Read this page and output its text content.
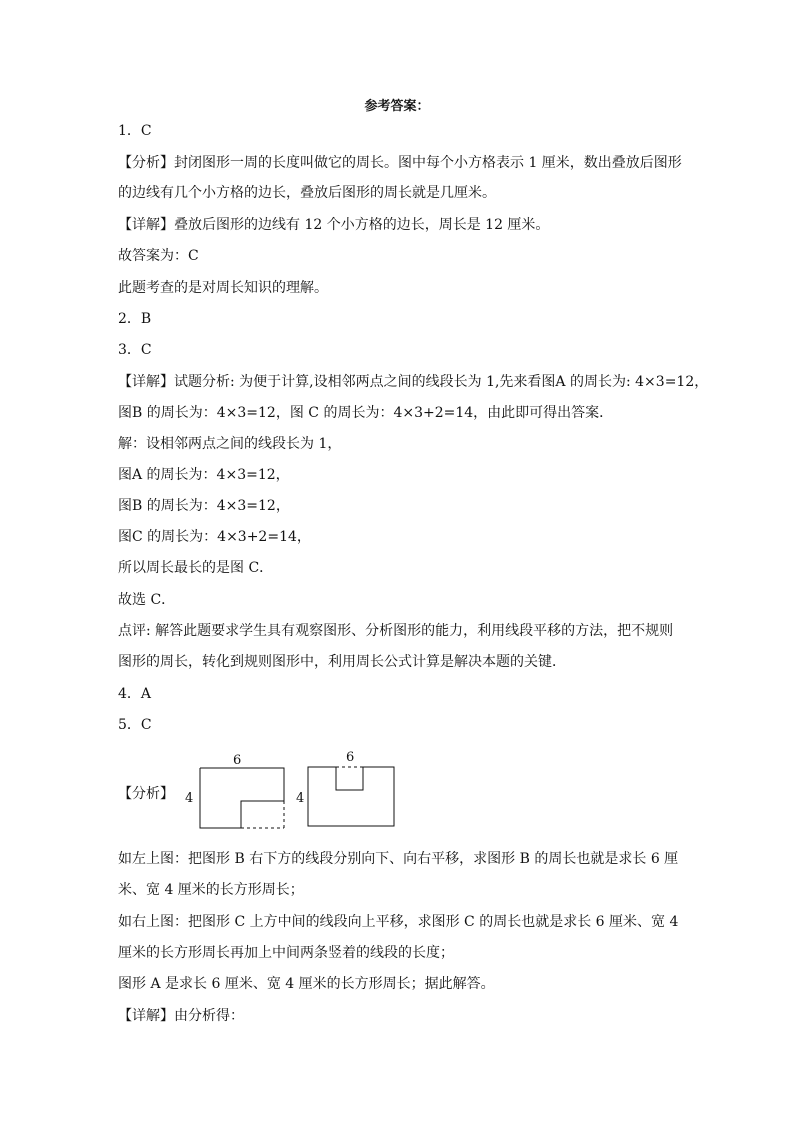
参考答案：
1．C
【分析】封闭图形一周的长度叫做它的周长。图中每个小方格表示 1 厘米，数出叠放后图形
的边线有几个小方格的边长，叠放后图形的周长就是几厘米。
【详解】叠放后图形的边线有 12 个小方格的边长，周长是 12 厘米。
故答案为：C
此题考查的是对周长知识的理解。
2．B
3．C
【详解】试题分析: 为便于计算,设相邻两点之间的线段长为 1,先来看图A 的周长为: 4×3=12，
图B 的周长为：4×3=12，图 C 的周长为：4×3+2=14，由此即可得出答案．
解：设相邻两点之间的线段长为 1，
图A 的周长为：4×3=12，
图B 的周长为：4×3=12，
图C 的周长为：4×3+2=14，
所以周长最长的是图 C．
故选 C．
点评: 解答此题要求学生具有观察图形、分析图形的能力，利用线段平移的方法，把不规则
图形的周长，转化到规则图形中，利用周长公式计算是解决本题的关键．
4．A
5．C
【分析】
6
4
6
4
如左上图：把图形 B 右下方的线段分别向下、向右平移，求图形 B 的周长也就是求长 6 厘
米、宽 4 厘米的长方形周长；
如右上图：把图形 C 上方中间的线段向上平移，求图形 C 的周长也就是求长 6 厘米、宽 4
厘米的长方形周长再加上中间两条竖着的线段的长度；
图形 A 是求长 6 厘米、宽 4 厘米的长方形周长；据此解答。
【详解】由分析得：
